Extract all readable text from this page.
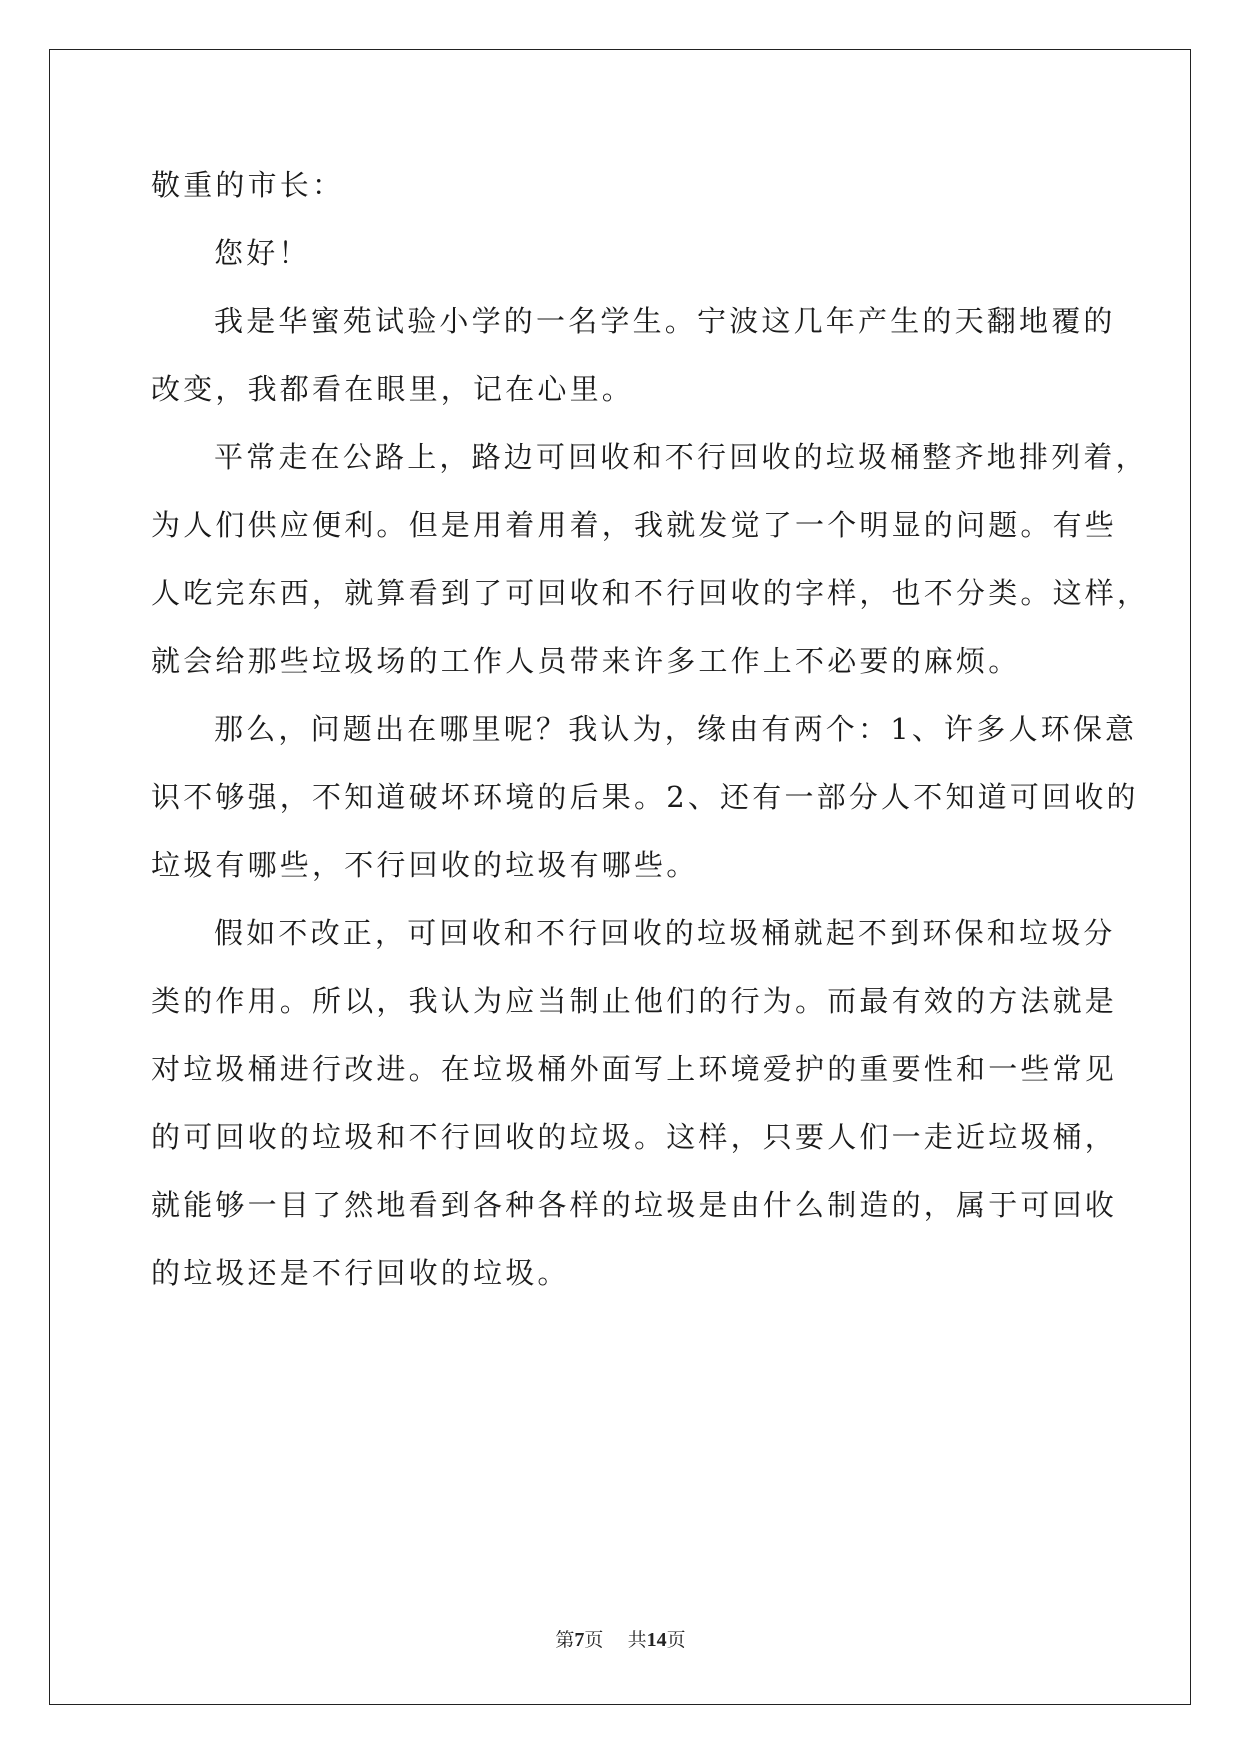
敬重的市长：
您好！
我是华蜜苑试验小学的一名学生。宁波这几年产生的天翻地覆的
改变，我都看在眼里，记在心里。
平常走在公路上，路边可回收和不行回收的垃圾桶整齐地排列着，
为人们供应便利。但是用着用着，我就发觉了一个明显的问题。有些
人吃完东西，就算看到了可回收和不行回收的字样，也不分类。这样，
就会给那些垃圾场的工作人员带来许多工作上不必要的麻烦。
那么，问题出在哪里呢？我认为，缘由有两个：1、许多人环保意
识不够强，不知道破坏环境的后果。2、还有一部分人不知道可回收的
垃圾有哪些，不行回收的垃圾有哪些。
假如不改正，可回收和不行回收的垃圾桶就起不到环保和垃圾分
类的作用。所以，我认为应当制止他们的行为。而最有效的方法就是
对垃圾桶进行改进。在垃圾桶外面写上环境爱护的重要性和一些常见
的可回收的垃圾和不行回收的垃圾。这样，只要人们一走近垃圾桶，
就能够一目了然地看到各种各样的垃圾是由什么制造的，属于可回收
的垃圾还是不行回收的垃圾。
第7页    共14页
